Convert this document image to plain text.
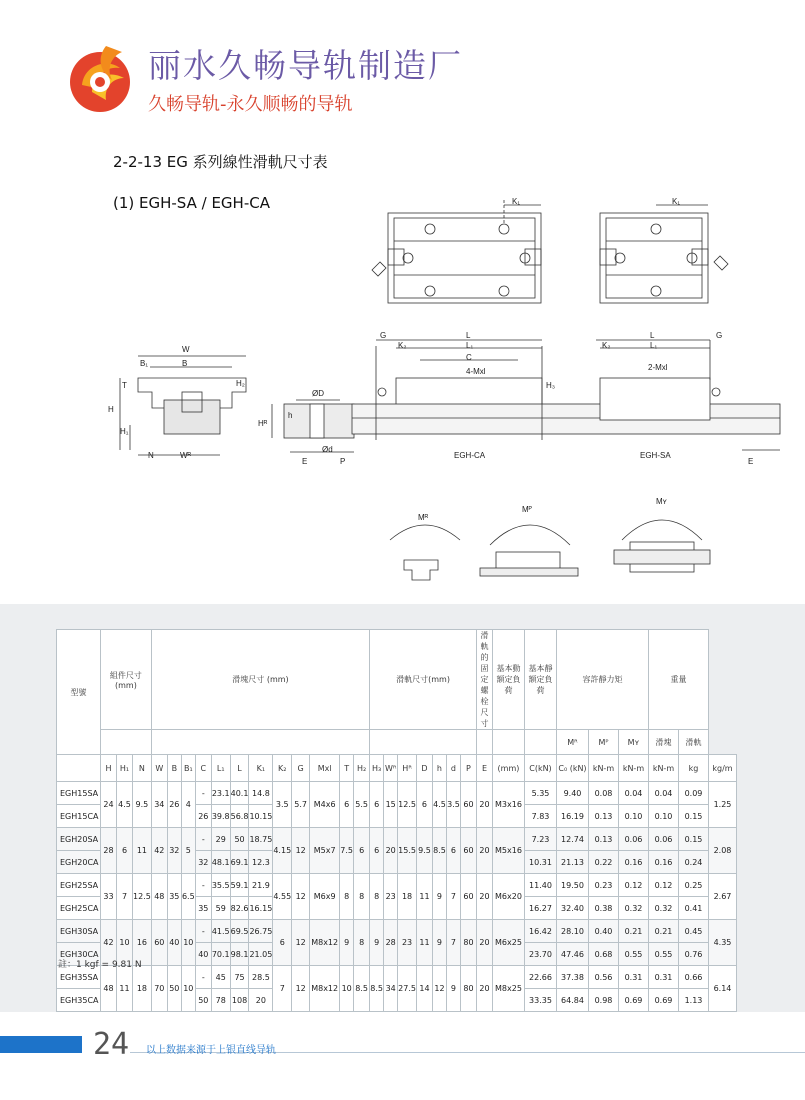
丽水久畅导轨制造厂
久畅导轨-永久顺畅的导轨
2-2-13 EG 系列線性滑軌尺寸表
(1) EGH-SA / EGH-CA	K₁	K₁
W
B₁	B
T
H
H₂
H₁
N	Wᴿ
ØD
h
Hᴿ
Ød
E	P
G	L
K₂	L₁
C
4-Mxl
H₃
EGH-CA
L	G
K₂	L₁
2-Mxl
EGH-SA
E
Mᴿ
Mᴾ
Mʏ
型號	組件尺寸 (mm)			滑塊尺寸 (mm)												滑軌尺寸(mm)							滑軌的固定螺栓尺寸	基本動額定負荷	基本靜額定負荷	容許靜力矩			重量		
																										Mᴿ	Mᴾ	Mʏ	滑塊	滑軌	
	H	H₁	N	W	B	B₁	C	L₁	L	K₁	K₂	G	Mxl	T	H₂	H₃	Wᴿ	Hᴿ	D	h	d	P	E	(mm)	C(kN)	C₀ (kN)	kN-m	kN-m	kN-m	kg	kg/m
EGH15SA	24	4.5	9.5	34	26	4	-	23.1	40.1	14.8	3.5	5.7	M4x6	6	5.5	6	15	12.5	6	4.5	3.5	60	20	M3x16	5.35	9.40	0.08	0.04	0.04	0.09	1.25
EGH15CA							26	39.8	56.8	10.15															7.83	16.19	0.13	0.10	0.10	0.15	
EGH20SA	28	6	11	42	32	5	-	29	50	18.75	4.15	12	M5x7	7.5	6	6	20	15.5	9.5	8.5	6	60	20	M5x16	7.23	12.74	0.13	0.06	0.06	0.15	2.08
EGH20CA							32	48.1	69.1	12.3															10.31	21.13	0.22	0.16	0.16	0.24	
EGH25SA	33	7	12.5	48	35	6.5	-	35.5	59.1	21.9	4.55	12	M6x9	8	8	8	23	18	11	9	7	60	20	M6x20	11.40	19.50	0.23	0.12	0.12	0.25	2.67
EGH25CA							35	59	82.6	16.15															16.27	32.40	0.38	0.32	0.32	0.41	
EGH30SA	42	10	16	60	40	10	-	41.5	69.5	26.75	6	12	M8x12	9	8	9	28	23	11	9	7	80	20	M6x25	16.42	28.10	0.40	0.21	0.21	0.45	4.35
EGH30CA							40	70.1	98.1	21.05															23.70	47.46	0.68	0.55	0.55	0.76	
EGH35SA	48	11	18	70	50	10	-	45	75	28.5	7	12	M8x12	10	8.5	8.5	34	27.5	14	12	9	80	20	M8x25	22.66	37.38	0.56	0.31	0.31	0.66	6.14
EGH35CA							50	78	108	20															33.35	64.84	0.98	0.69	0.69	1.13	
註：1 kgf = 9.81 N
24 以上数据来源于上银直线导轨
